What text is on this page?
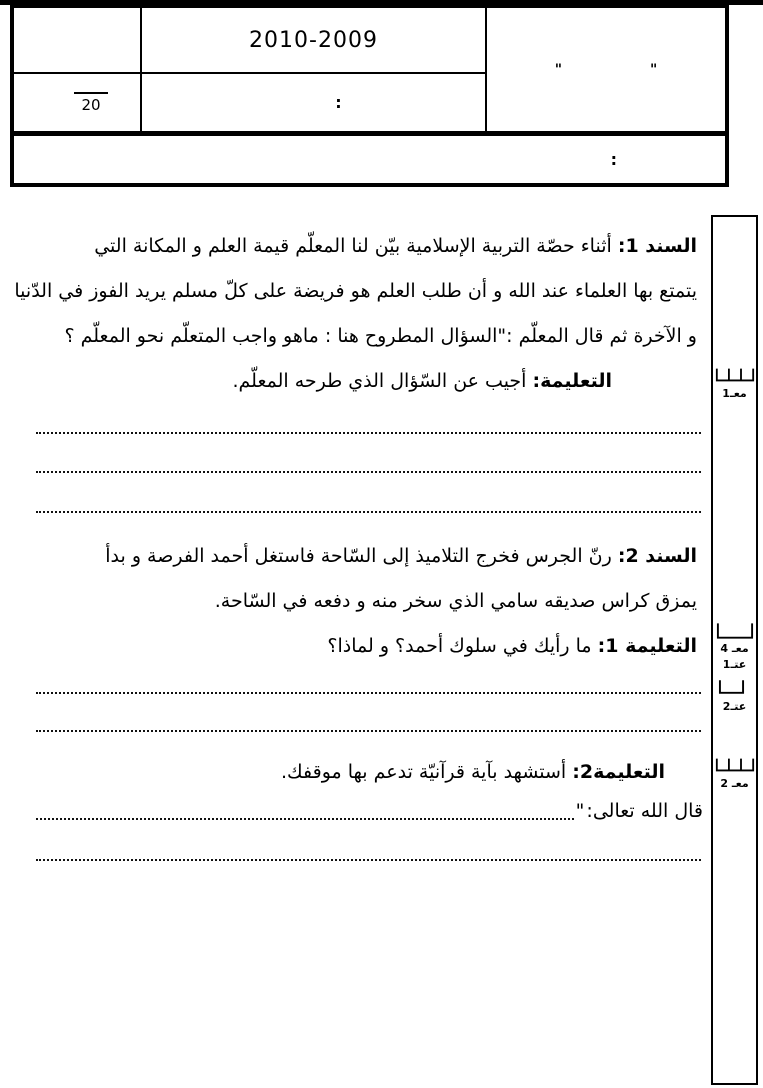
2010-2009
"	"
20	:
:
السند 1: أثناء حصّة التربية الإسلامية بيّن لنا المعلّم قيمة العلم و المكانة التي
يتمتع بها العلماء عند الله و أن طلب العلم هو فريضة على كلّ مسلم يريد الفوز في الدّنيا
و الآخرة ثم قال المعلّم :"السؤال المطروح هنا : ماهو واجب المتعلّم نحو المعلّم ؟
التعليمة: أجيب عن السّؤال الذي طرحه المعلّم.
السند 2: رنّ الجرس فخرج التلاميذ إلى السّاحة فاستغل أحمد الفرصة و بدأ
يمزق كراس صديقه سامي الذي سخر منه و دفعه في السّاحة.
التعليمة 1: ما رأيك في سلوك أحمد؟ و لماذا؟
التعليمة2: أستشهد بآية قرآنيّة تدعم بها موقفك.
قال الله تعالى:
"
معـ1
معـ 4
عتـ1
عتـ2
معـ 2
